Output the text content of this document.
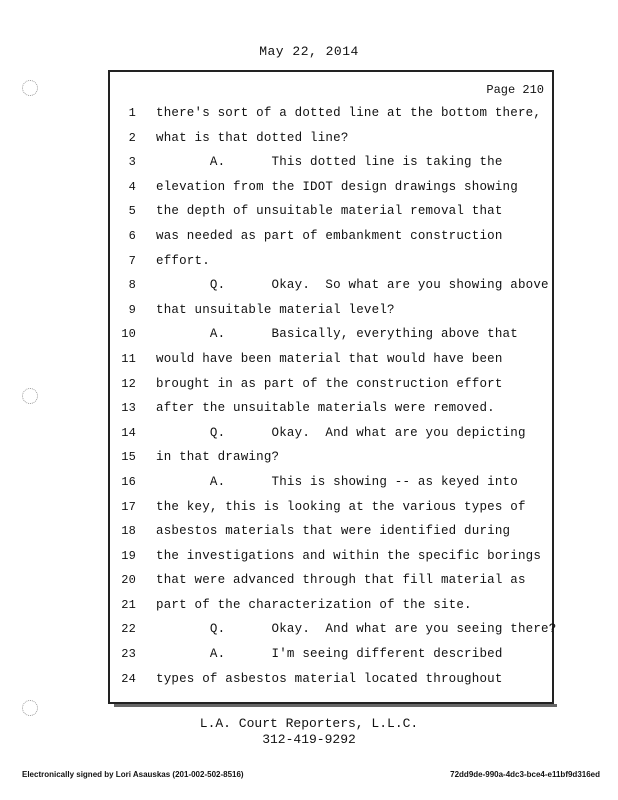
May 22, 2014
Page 210
1 there's sort of a dotted line at the bottom there,
2 what is that dotted line?
3 A.      This dotted line is taking the
4 elevation from the IDOT design drawings showing
5 the depth of unsuitable material removal that
6 was needed as part of embankment construction
7 effort.
8 Q.      Okay.  So what are you showing above
9 that unsuitable material level?
10 A.      Basically, everything above that
11 would have been material that would have been
12 brought in as part of the construction effort
13 after the unsuitable materials were removed.
14 Q.      Okay.  And what are you depicting
15 in that drawing?
16 A.      This is showing -- as keyed into
17 the key, this is looking at the various types of
18 asbestos materials that were identified during
19 the investigations and within the specific borings
20 that were advanced through that fill material as
21 part of the characterization of the site.
22 Q.      Okay.  And what are you seeing there?
23 A.      I'm seeing different described
24 types of asbestos material located throughout
L.A. Court Reporters, L.L.C.
312-419-9292
Electronically signed by Lori Asauskas (201-002-502-8516)	72dd9de-990a-4dc3-bce4-e11bf9d316ed
